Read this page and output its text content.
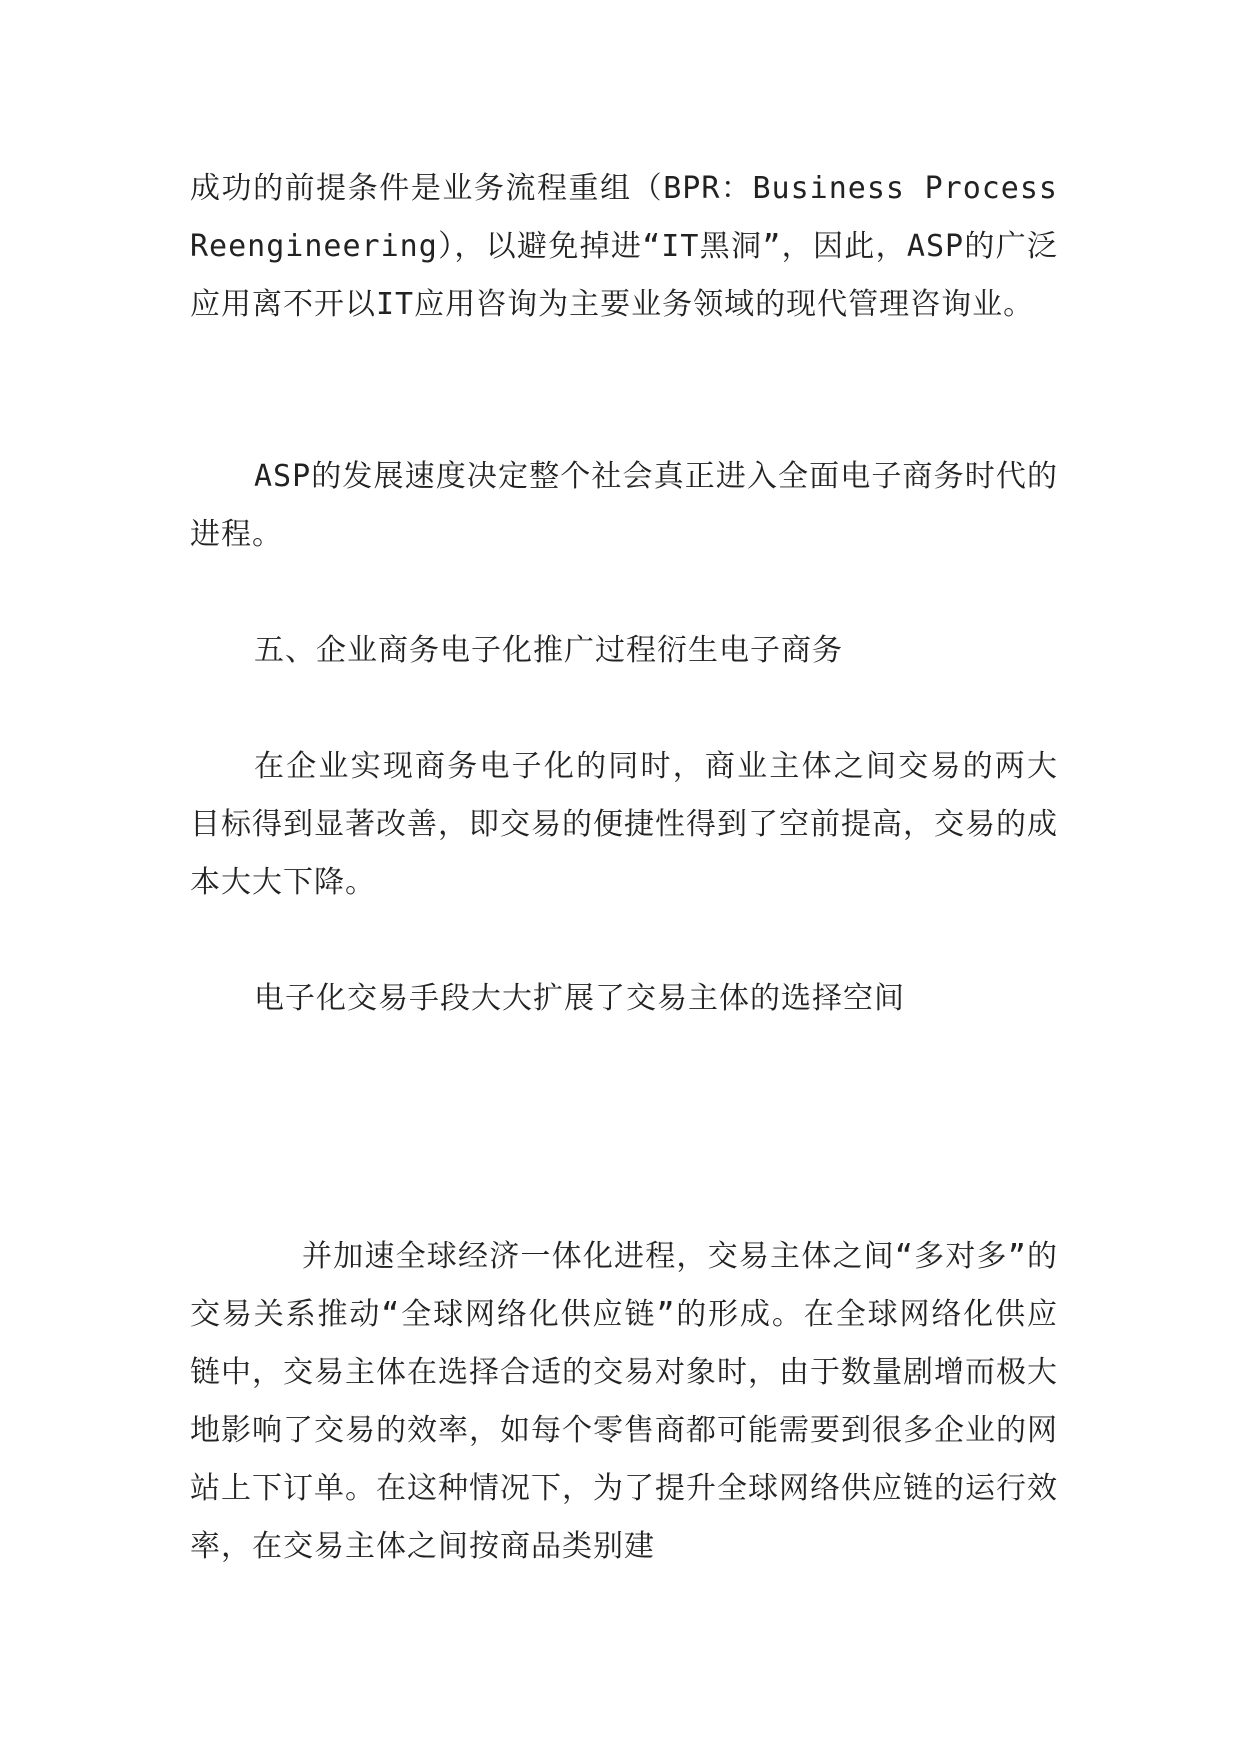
成功的前提条件是业务流程重组（BPR：Business Process Reengineering），以避免掉进“IT黑洞”，因此，ASP的广泛应用离不开以IT应用咨询为主要业务领域的现代管理咨询业。

ASP的发展速度决定整个社会真正进入全面电子商务时代的进程。

五、企业商务电子化推广过程衍生电子商务

在企业实现商务电子化的同时，商业主体之间交易的两大目标得到显著改善，即交易的便捷性得到了空前提高，交易的成本大大下降。

电子化交易手段大大扩展了交易主体的选择空间

并加速全球经济一体化进程，交易主体之间“多对多”的交易关系推动“全球网络化供应链”的形成。在全球网络化供应链中，交易主体在选择合适的交易对象时，由于数量剧增而极大地影响了交易的效率，如每个零售商都可能需要到很多企业的网站上下订单。在这种情况下，为了提升全球网络供应链的运行效率，在交易主体之间按商品类别建
